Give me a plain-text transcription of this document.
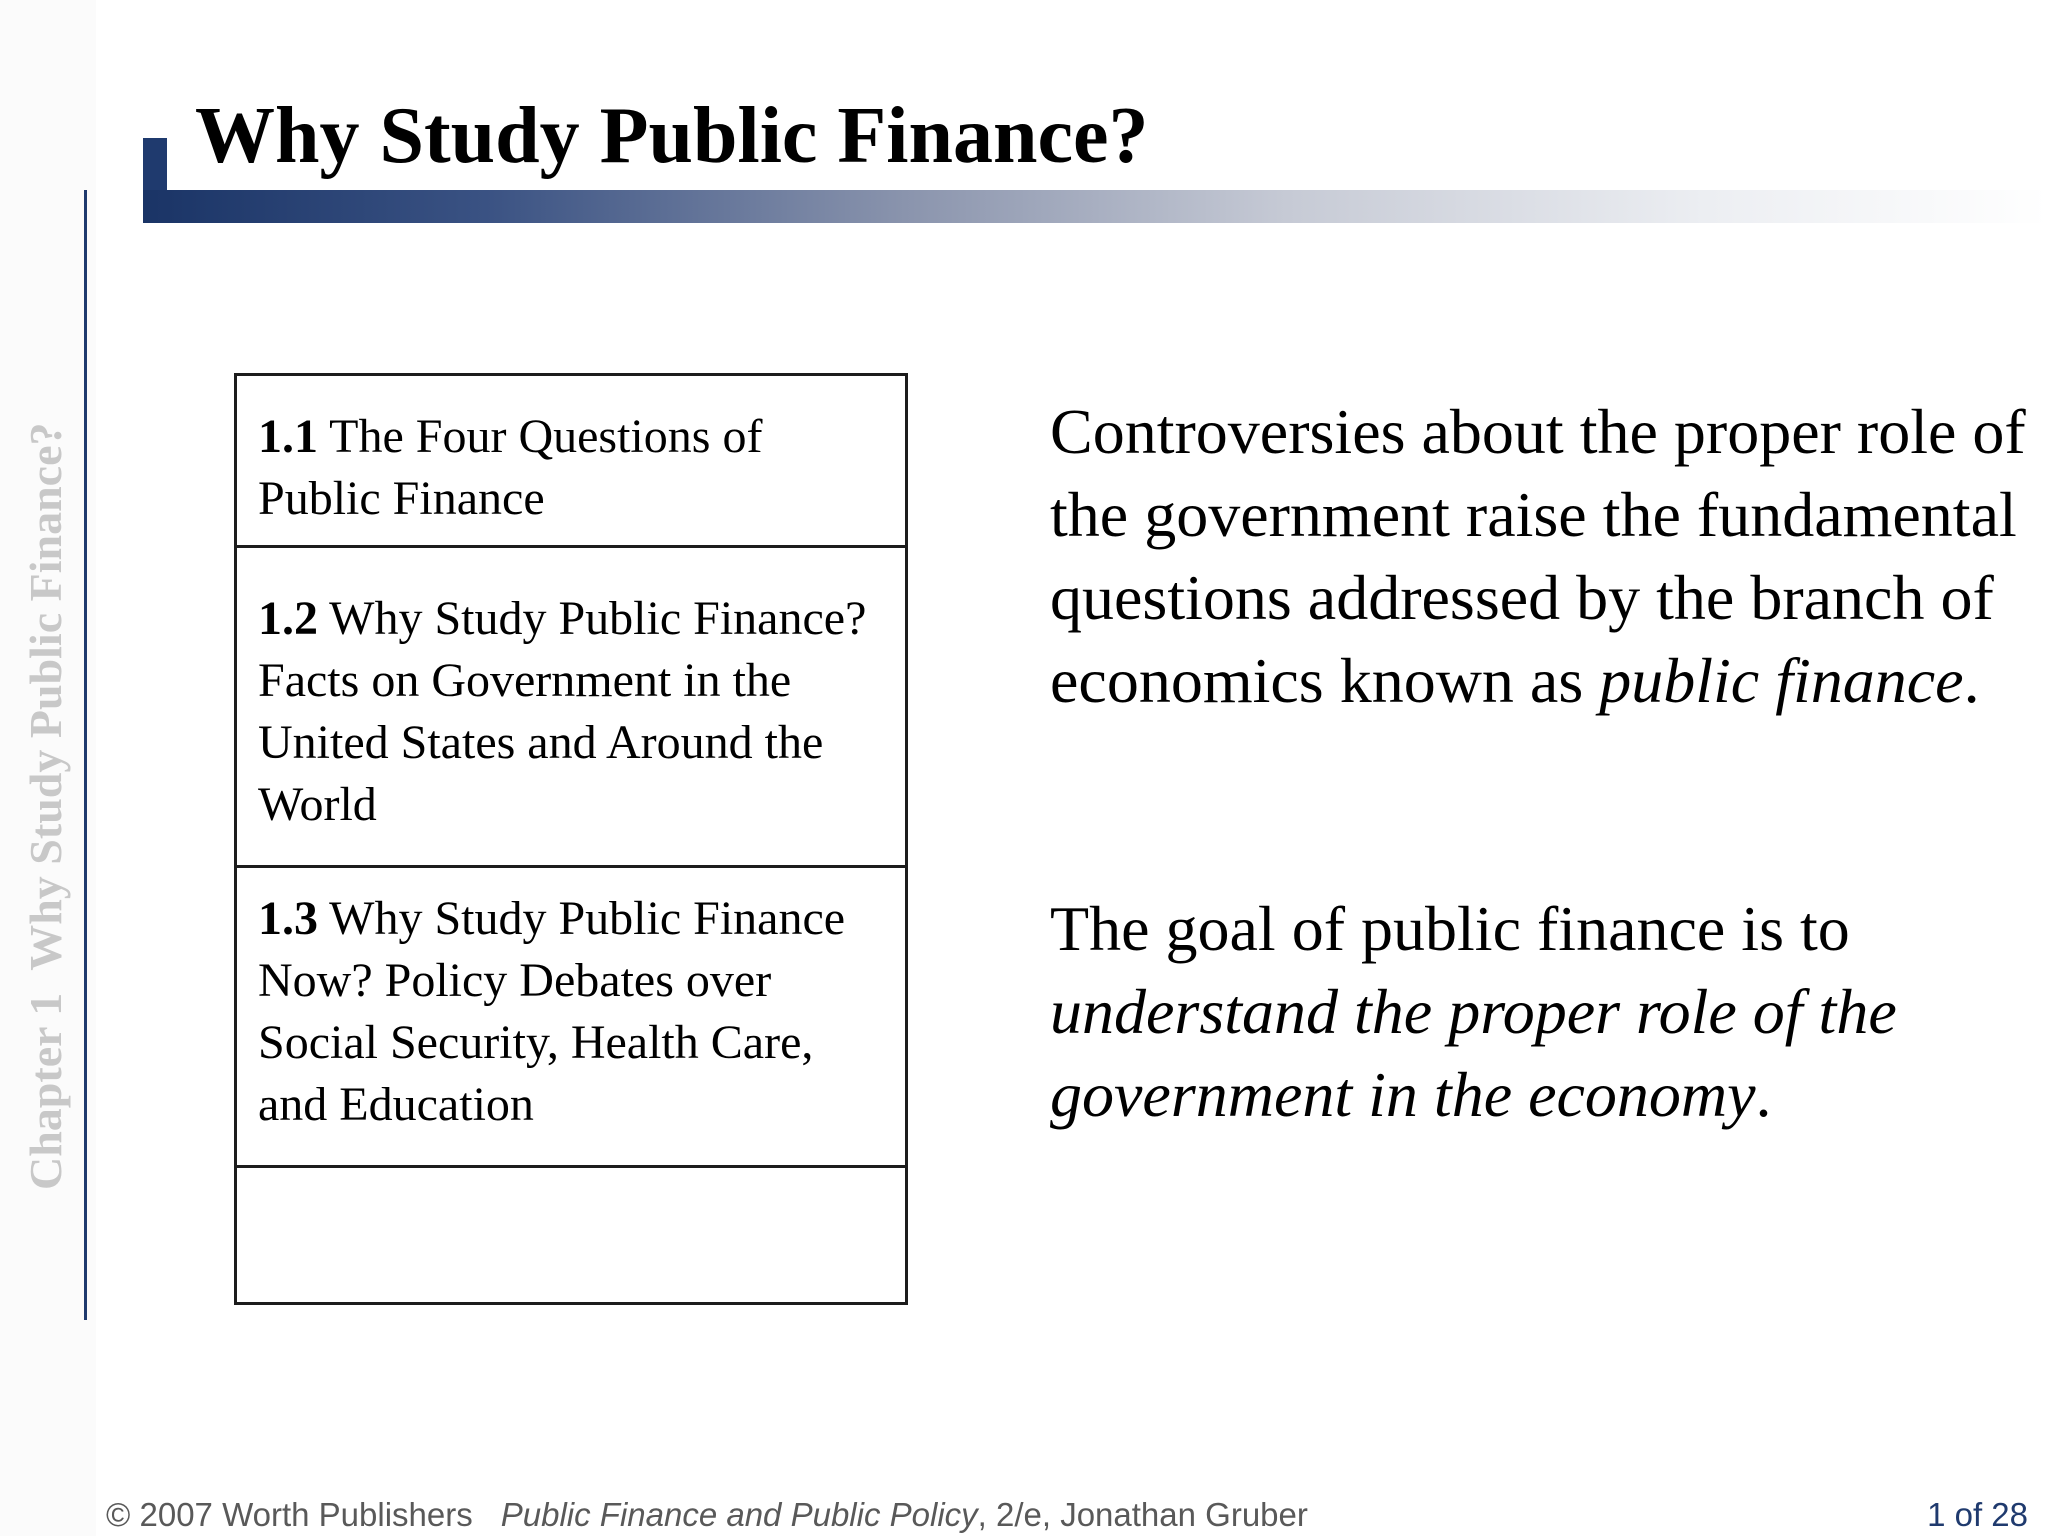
Chapter 1Why Study Public Finance?
Why Study Public Finance?
1.1 The Four Questions of Public Finance
1.2 Why Study Public Finance? Facts on Government in the United States and Around the World
1.3 Why Study Public Finance Now? Policy Debates over Social Security, Health Care, and Education
Controversies about the proper role of the government raise the fundamental questions addressed by the branch of economics known as public finance.
The goal of public finance is to understand the proper role of the government in the economy.
© 2007 Worth Publishers Public Finance and Public Policy, 2/e, Jonathan Gruber	1 of 28
